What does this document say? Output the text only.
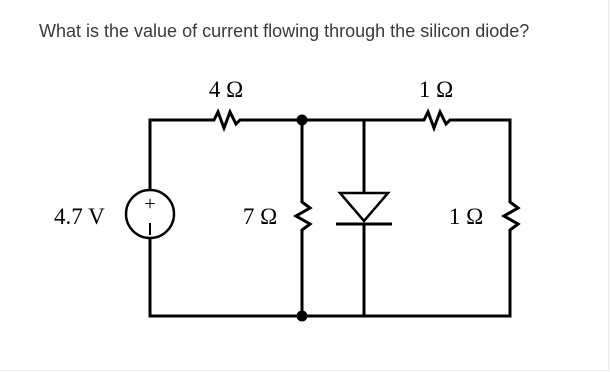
What is the value of current flowing through the silicon diode?
+
4.7 V
4 Ω
7 Ω
1 Ω
1 Ω
